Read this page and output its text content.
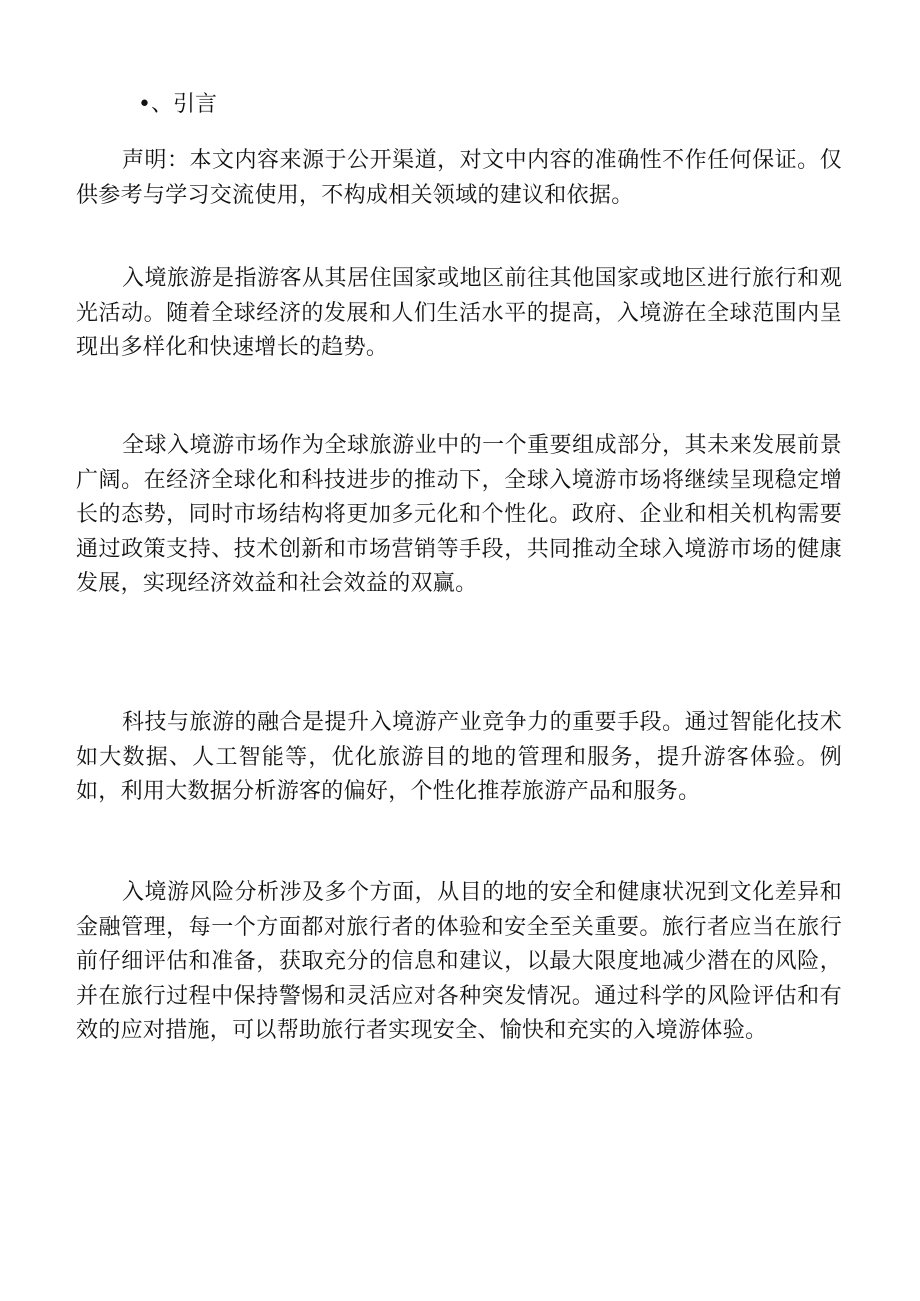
•、引言

声明：本文内容来源于公开渠道，对文中内容的准确性不作任何保证。仅供参考与学习交流使用，不构成相关领域的建议和依据。

入境旅游是指游客从其居住国家或地区前往其他国家或地区进行旅行和观光活动。随着全球经济的发展和人们生活水平的提高，入境游在全球范围内呈现出多样化和快速增长的趋势。

全球入境游市场作为全球旅游业中的一个重要组成部分，其未来发展前景广阔。在经济全球化和科技进步的推动下，全球入境游市场将继续呈现稳定增长的态势，同时市场结构将更加多元化和个性化。政府、企业和相关机构需要通过政策支持、技术创新和市场营销等手段，共同推动全球入境游市场的健康发展，实现经济效益和社会效益的双赢。

科技与旅游的融合是提升入境游产业竞争力的重要手段。通过智能化技术如大数据、人工智能等，优化旅游目的地的管理和服务，提升游客体验。例如，利用大数据分析游客的偏好，个性化推荐旅游产品和服务。

入境游风险分析涉及多个方面，从目的地的安全和健康状况到文化差异和金融管理，每一个方面都对旅行者的体验和安全至关重要。旅行者应当在旅行前仔细评估和准备，获取充分的信息和建议，以最大限度地减少潜在的风险，并在旅行过程中保持警惕和灵活应对各种突发情况。通过科学的风险评估和有效的应对措施，可以帮助旅行者实现安全、愉快和充实的入境游体验。
